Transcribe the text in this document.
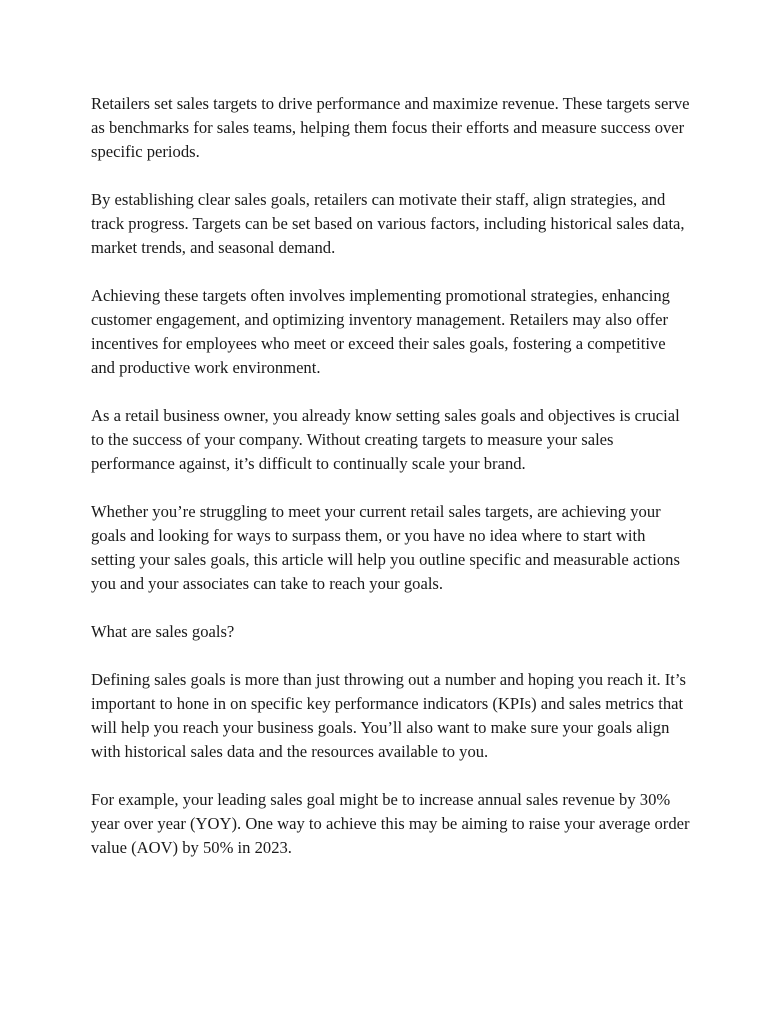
Retailers set sales targets to drive performance and maximize revenue. These targets serve as benchmarks for sales teams, helping them focus their efforts and measure success over specific periods.

By establishing clear sales goals, retailers can motivate their staff, align strategies, and track progress. Targets can be set based on various factors, including historical sales data, market trends, and seasonal demand.

Achieving these targets often involves implementing promotional strategies, enhancing customer engagement, and optimizing inventory management. Retailers may also offer incentives for employees who meet or exceed their sales goals, fostering a competitive and productive work environment.

As a retail business owner, you already know setting sales goals and objectives is crucial to the success of your company. Without creating targets to measure your sales performance against, it’s difficult to continually scale your brand.

Whether you’re struggling to meet your current retail sales targets, are achieving your goals and looking for ways to surpass them, or you have no idea where to start with setting your sales goals, this article will help you outline specific and measurable actions you and your associates can take to reach your goals.

What are sales goals?

Defining sales goals is more than just throwing out a number and hoping you reach it. It’s important to hone in on specific key performance indicators (KPIs) and sales metrics that will help you reach your business goals. You’ll also want to make sure your goals align with historical sales data and the resources available to you.

For example, your leading sales goal might be to increase annual sales revenue by 30% year over year (YOY). One way to achieve this may be aiming to raise your average order value (AOV) by 50% in 2023.
